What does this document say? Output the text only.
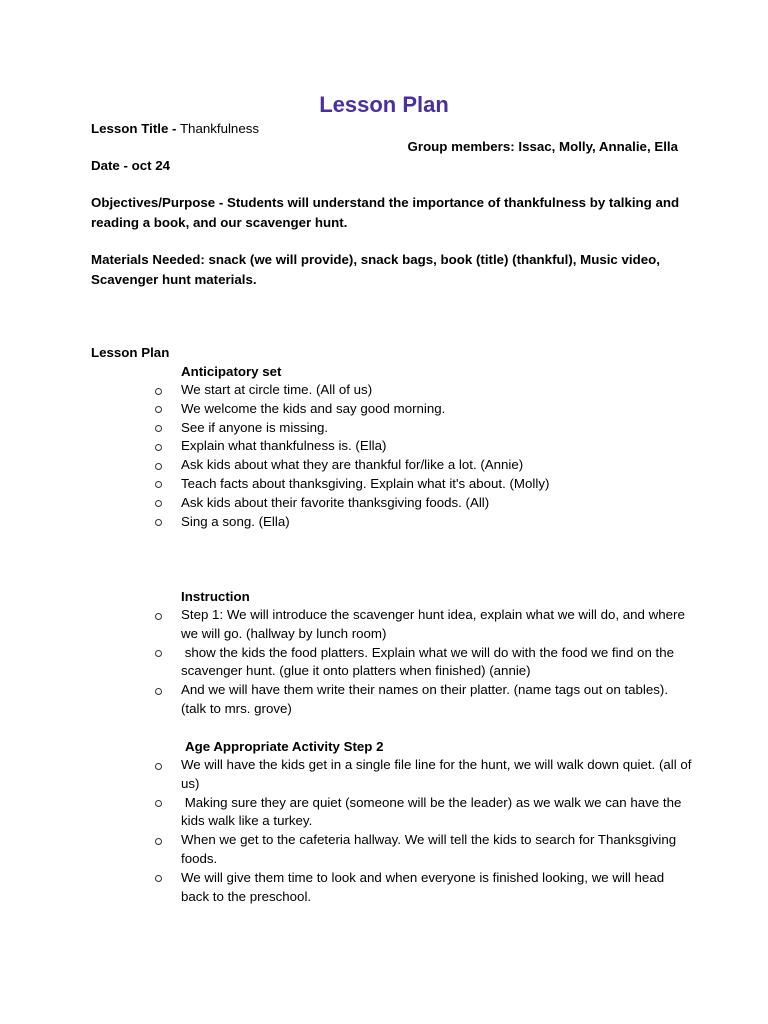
Lesson Plan
Lesson Title - Thankfulness
Group members: Issac, Molly, Annalie, Ella
Date - oct 24

Objectives/Purpose - Students will understand the importance of thankfulness by talking and reading a book, and our scavenger hunt.

Materials Needed: snack (we will provide), snack bags, book (title) (thankful), Music video, Scavenger hunt materials.

Lesson Plan
Anticipatory set
We start at circle time. (All of us)
We welcome the kids and say good morning.
See if anyone is missing.
Explain what thankfulness is. (Ella)
Ask kids about what they are thankful for/like a lot. (Annie)
Teach facts about thanksgiving. Explain what it's about. (Molly)
Ask kids about their favorite thanksgiving foods. (All)
Sing a song. (Ella)
Instruction
Step 1: We will introduce the scavenger hunt idea, explain what we will do, and where we will go. (hallway by lunch room)
show the kids the food platters. Explain what we will do with the food we find on the scavenger hunt. (glue it onto platters when finished) (annie)
And we will have them write their names on their platter. (name tags out on tables). (talk to mrs. grove)
Age Appropriate Activity Step 2
We will have the kids get in a single file line for the hunt, we will walk down quiet. (all of us)
Making sure they are quiet (someone will be the leader) as we walk we can have the kids walk like a turkey.
When we get to the cafeteria hallway. We will tell the kids to search for Thanksgiving foods.
We will give them time to look and when everyone is finished looking, we will head back to the preschool.
